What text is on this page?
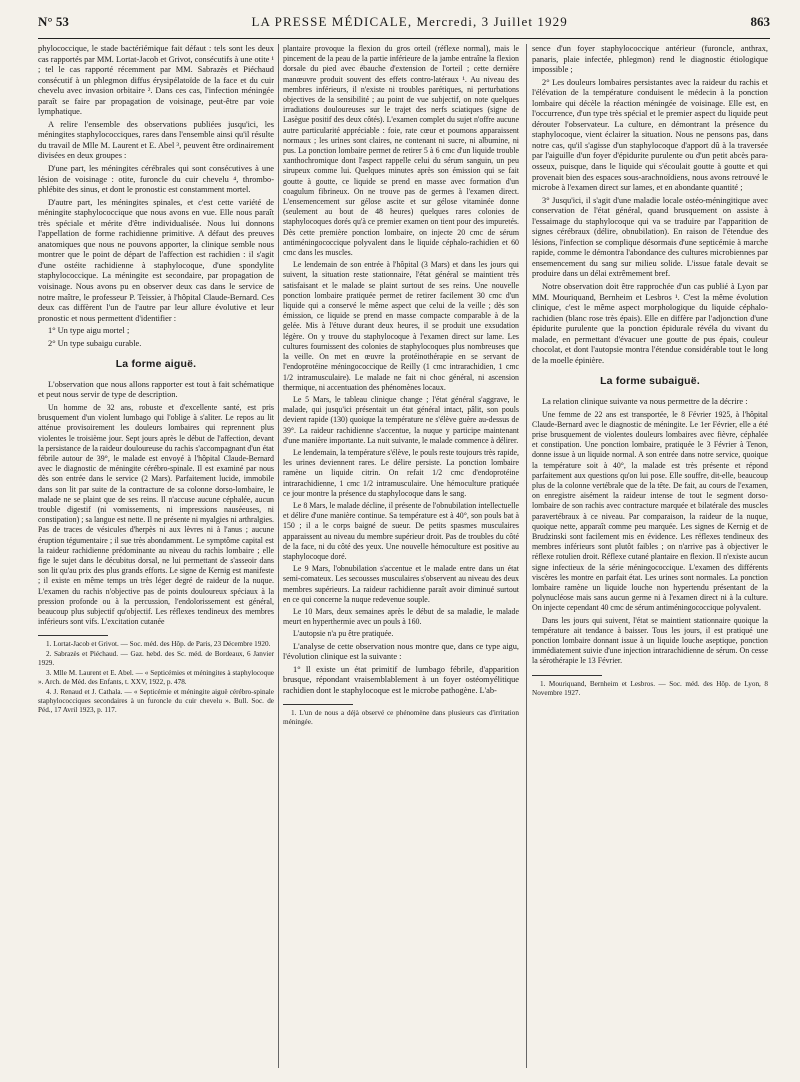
N° 53	LA PRESSE MÉDICALE, Mercredi, 3 Juillet 1929	863

phylococcique, le stade bactériémique fait défaut : tels sont les deux cas rapportés par MM. Lortat-Jacob et Grivot, consécutifs à une otite ¹ ; tel le cas rapporté récemment par MM. Sabrazès et Piéchaud consécutif à un phlegmon diffus érysipélatoïde de la face et du cuir chevelu avec invasion orbitaire ². Dans ces cas, l'infection méningée paraît se faire par propagation de voisinage, peut-être par voie lymphatique.

A relire l'ensemble des observations publiées jusqu'ici, les méningites staphylococciques, rares dans l'ensemble ainsi qu'il résulte du travail de Mlle M. Laurent et E. Abel ³, peuvent être ordinairement divisées en deux groupes :

D'une part, les méningites cérébrales qui sont consécutives à une lésion de voisinage : otite, furoncle du cuir chevelu ⁴, thrombo-phlébite des sinus, et dont le pronostic est constamment mortel.

D'autre part, les méningites spinales, et c'est cette variété de méningite staphylococcique que nous avons en vue. Elle nous paraît très spéciale et mérite d'être individualisée. Nous lui donnons l'appellation de forme rachidienne primitive. A défaut des preuves anatomiques que nous ne pouvons apporter, la clinique semble nous montrer que le point de départ de l'affection est rachidien : il s'agit d'une ostéite rachidienne à staphylocoque, d'une spondylite staphylococcique. La méningite est secondaire, par propagation de voisinage. Nous avons pu en observer deux cas dans le service de notre maître, le professeur P. Teissier, à l'hôpital Claude-Bernard. Ces deux cas diffèrent l'un de l'autre par leur allure évolutive et leur pronostic et nous permettent d'identifier :

1° Un type aigu mortel ;

2° Un type subaigu curable.

La forme aiguë.

L'observation que nous allons rapporter est tout à fait schématique et peut nous servir de type de description.

Un homme de 32 ans, robuste et d'excellente santé, est pris brusquement d'un violent lumbago qui l'oblige à s'aliter. Le repos au lit atténue provisoirement les douleurs lombaires qui reprennent plus violentes le troisième jour. Sept jours après le début de l'affection, devant la persistance de la raideur douloureuse du rachis s'accompagnant d'un état fébrile autour de 39°, le malade est envoyé à l'hôpital Claude-Bernard avec le diagnostic de méningite cérébro-spinale. Il est examiné par nous dès son entrée dans le service (2 Mars). Parfaitement lucide, immobile dans son lit par suite de la contracture de sa colonne dorso-lombaire, le malade ne se plaint que de ses reins. Il n'accuse aucune céphalée, aucun trouble digestif (ni vomissements, ni impressions nauséeuses, ni constipation) ; sa langue est nette. Il ne présente ni myalgies ni arthralgies. Pas de traces de vésicules d'herpès ni aux lèvres ni à l'anus ; aucune éruption tégumentaire ; il sue très abondamment. Le symptôme capital est la raideur rachidienne prédominante au niveau du rachis lombaire ; elle fige le sujet dans le décubitus dorsal, ne lui permettant de s'asseoir dans son lit qu'au prix des plus grands efforts. Le signe de Kernig est manifeste ; il existe en même temps un très léger degré de raideur de la nuque. L'examen du rachis n'objective pas de points douloureux spéciaux à la pression profonde ou à la percussion, l'endolorissement est général, beaucoup plus subjectif qu'objectif. Les réflexes tendineux des membres inférieurs sont vifs. L'excitation cutanée

1. Lortat-Jacob et Grivot. — Soc. méd. des Hôp. de Paris, 23 Décembre 1920.

2. Sabrazès et Piéchaud. — Gaz. hebd. des Sc. méd. de Bordeaux, 6 Janvier 1929.

3. Mlle M. Laurent et E. Abel. — « Septicémies et méningites à staphylocoque ». Arch. de Méd. des Enfants, t. XXV, 1922, p. 478.

4. J. Renaud et J. Cathala. — « Septicémie et méningite aiguë cérébro-spinale staphylococciques secondaires à un furoncle du cuir chevelu ». Bull. Soc. de Péd., 17 Avril 1923, p. 117.

plantaire provoque la flexion du gros orteil (réflexe normal), mais le pincement de la peau de la partie inférieure de la jambe entraîne la flexion dorsale du pied avec ébauche d'extension de l'orteil ; cette dernière manœuvre produit souvent des effets contro-latéraux ¹. Au niveau des membres inférieurs, il n'existe ni troubles parétiques, ni perturbations objectives de la sensibilité ; au point de vue subjectif, on note quelques irradiations douloureuses sur le trajet des nerfs sciatiques (signe de Lasègue positif des deux côtés). L'examen complet du sujet n'offre aucune autre particularité appréciable : foie, rate cœur et poumons apparaissent normaux ; les urines sont claires, ne contenant ni sucre, ni albumine, ni pus. La ponction lombaire permet de retirer 5 à 6 cmc d'un liquide trouble xanthochromique dont l'aspect rappelle celui du sérum sanguin, un peu sirupeux comme lui. Quelques minutes après son émission qui se fait goutte à goutte, ce liquide se prend en masse avec formation d'un coagulum fibrineux. On ne trouve pas de germes à l'examen direct. L'ensemencement sur gélose ascite et sur gélose vitaminée donne (seulement au bout de 48 heures) quelques rares colonies de staphylocoques dorés qu'à ce premier examen on tient pour des impuretés. Dès cette première ponction lombaire, on injecte 20 cmc de sérum antiméningococcique polyvalent dans le liquide céphalo-rachidien et 60 cmc dans les muscles.

Le lendemain de son entrée à l'hôpital (3 Mars) et dans les jours qui suivent, la situation reste stationnaire, l'état général se maintient très satisfaisant et le malade se plaint surtout de ses reins. Une nouvelle ponction lombaire pratiquée permet de retirer facilement 30 cmc d'un liquide qui a conservé le même aspect que celui de la veille ; dès son émission, ce liquide se prend en masse compacte comparable à de la gelée. Mis à l'étuve durant deux heures, il se produit une exsudation légère. On y trouve du staphylocoque à l'examen direct sur lame. Les cultures fournissent des colonies de staphylocoques plus nombreuses que la veille. On met en œuvre la protéinothérapie en se servant de l'endoprotéine méningococcique de Reilly (1 cmc intrarachidien, 1 cmc 1/2 intramusculaire). Le malade ne fait ni choc général, ni ascension thermique, ni accentuation des phénomènes locaux.

Le 5 Mars, le tableau clinique change ; l'état général s'aggrave, le malade, qui jusqu'ici présentait un état général intact, pâlit, son pouls devient rapide (130) quoique la température ne s'élève guère au-dessus de 39°. La raideur rachidienne s'accentue, la nuque y participe maintenant d'une manière importante. La nuit suivante, le malade commence à délirer.

Le lendemain, la température s'élève, le pouls reste toujours très rapide, les urines deviennent rares. Le délire persiste. La ponction lombaire ramène un liquide citrin. On refait 1/2 cmc d'endoprotéine intrarachidienne, 1 cmc 1/2 intramusculaire. Une hémoculture pratiquée ce jour montre la présence du staphylocoque dans le sang.

Le 8 Mars, le malade décline, il présente de l'obnubilation intellectuelle et délire d'une manière continue. Sa température est à 40°, son pouls bat à 150 ; il a le corps baigné de sueur. De petits spasmes musculaires apparaissent au niveau du membre supérieur droit. Pas de troubles du côté de la face, ni du côté des yeux. Une nouvelle hémoculture est positive au staphylocoque doré.

Le 9 Mars, l'obnubilation s'accentue et le malade entre dans un état semi-comateux. Les secousses musculaires s'observent au niveau des deux membres supérieurs. La raideur rachidienne paraît avoir diminué surtout en ce qui concerne la nuque redevenue souple.

Le 10 Mars, deux semaines après le début de sa maladie, le malade meurt en hyperthermie avec un pouls à 160.

L'autopsie n'a pu être pratiquée.

L'analyse de cette observation nous montre que, dans ce type aigu, l'évolution clinique est la suivante :

1° Il existe un état primitif de lumbago fébrile, d'apparition brusque, répondant vraisemblablement à un foyer ostéomyélitique rachidien dont le staphylocoque est le microbe pathogène. L'ab-

1. L'un de nous a déjà observé ce phénomène dans plusieurs cas d'irritation méningée.

sence d'un foyer staphylococcique antérieur (furoncle, anthrax, panaris, plaie infectée, phlegmon) rend le diagnostic étiologique impossible ;

2° Les douleurs lombaires persistantes avec la raideur du rachis et l'élévation de la température conduisent le médecin à la ponction lombaire qui décèle la réaction méningée de voisinage. Elle est, en l'occurrence, d'un type très spécial et le premier aspect du liquide peut dérouter l'observateur. La culture, en démontrant la présence du staphylocoque, vient éclairer la situation. Nous ne pensons pas, dans notre cas, qu'il s'agisse d'un staphylocoque d'apport dû à la traversée par l'aiguille d'un foyer d'épidurite purulente ou d'un petit abcès para-osseux, puisque, dans le liquide qui s'écoulait goutte à goutte et qui provenait bien des espaces sous-arachnoïdiens, nous avons retrouvé le microbe à l'examen direct sur lames, et en abondante quantité ;

3° Jusqu'ici, il s'agit d'une maladie locale ostéo-méningitique avec conservation de l'état général, quand brusquement on assiste à l'essaimage du staphylocoque qui va se traduire par l'apparition de signes cérébraux (délire, obnubilation). En raison de l'étendue des lésions, l'infection se complique désormais d'une septicémie à marche rapide, comme le démontra l'abondance des cultures microbiennes par ensemencement du sang sur milieu solide. L'issue fatale devait se produire dans un délai extrêmement bref.

Notre observation doit être rapprochée d'un cas publié à Lyon par MM. Mouriquand, Bernheim et Lesbros ¹. C'est la même évolution clinique, c'est le même aspect morphologique du liquide céphalo-rachidien (blanc rose très épais). Elle en diffère par l'adjonction d'une épidurite purulente que la ponction épidurale révéla du vivant du malade, en permettant d'évacuer une goutte de pus épais, couleur chocolat, et dont l'autopsie montra l'étendue considérable tout le long de la moelle épinière.

La forme subaiguë.

La relation clinique suivante va nous permettre de la décrire :

Une femme de 22 ans est transportée, le 8 Février 1925, à l'hôpital Claude-Bernard avec le diagnostic de méningite. Le 1er Février, elle a été prise brusquement de violentes douleurs lombaires avec fièvre, céphalée et constipation. Une ponction lombaire, pratiquée le 3 Février à Tenon, donne issue à un liquide normal. A son entrée dans notre service, quoique la température soit à 40°, la malade est très présente et répond parfaitement aux questions qu'on lui pose. Elle souffre, dit-elle, beaucoup plus de la colonne vertébrale que de la tête. De fait, au cours de l'examen, on enregistre aisément la raideur intense de tout le segment dorso-lombaire de son rachis avec contracture marquée et bilatérale des muscles paravertébraux à ce niveau. Par comparaison, la raideur de la nuque, quoique nette, apparaît comme peu marquée. Les signes de Kernig et de Brudzinski sont facilement mis en évidence. Les réflexes tendineux des membres inférieurs sont plutôt faibles ; on n'arrive pas à objectiver le réflexe rotulien droit. Réflexe cutané plantaire en flexion. Il n'existe aucun signe infectieux de la série méningococcique. L'examen des différents viscères les montre en parfait état. Les urines sont normales. La ponction lombaire ramène un liquide louche non hypertendu présentant de la polynucléose mais sans aucun germe ni à l'examen direct ni à la culture. On injecte cependant 40 cmc de sérum antiméningococcique polyvalent.

Dans les jours qui suivent, l'état se maintient stationnaire quoique la température ait tendance à baisser. Tous les jours, il est pratiqué une ponction lombaire donnant issue à un liquide louche aseptique, ponction immédiatement suivie d'une injection intrarachidienne de sérum. On cesse la sérothérapie le 13 Février.

1. Mouriquand, Bernheim et Lesbros. — Soc. méd. des Hôp. de Lyon, 8 Novembre 1927.
